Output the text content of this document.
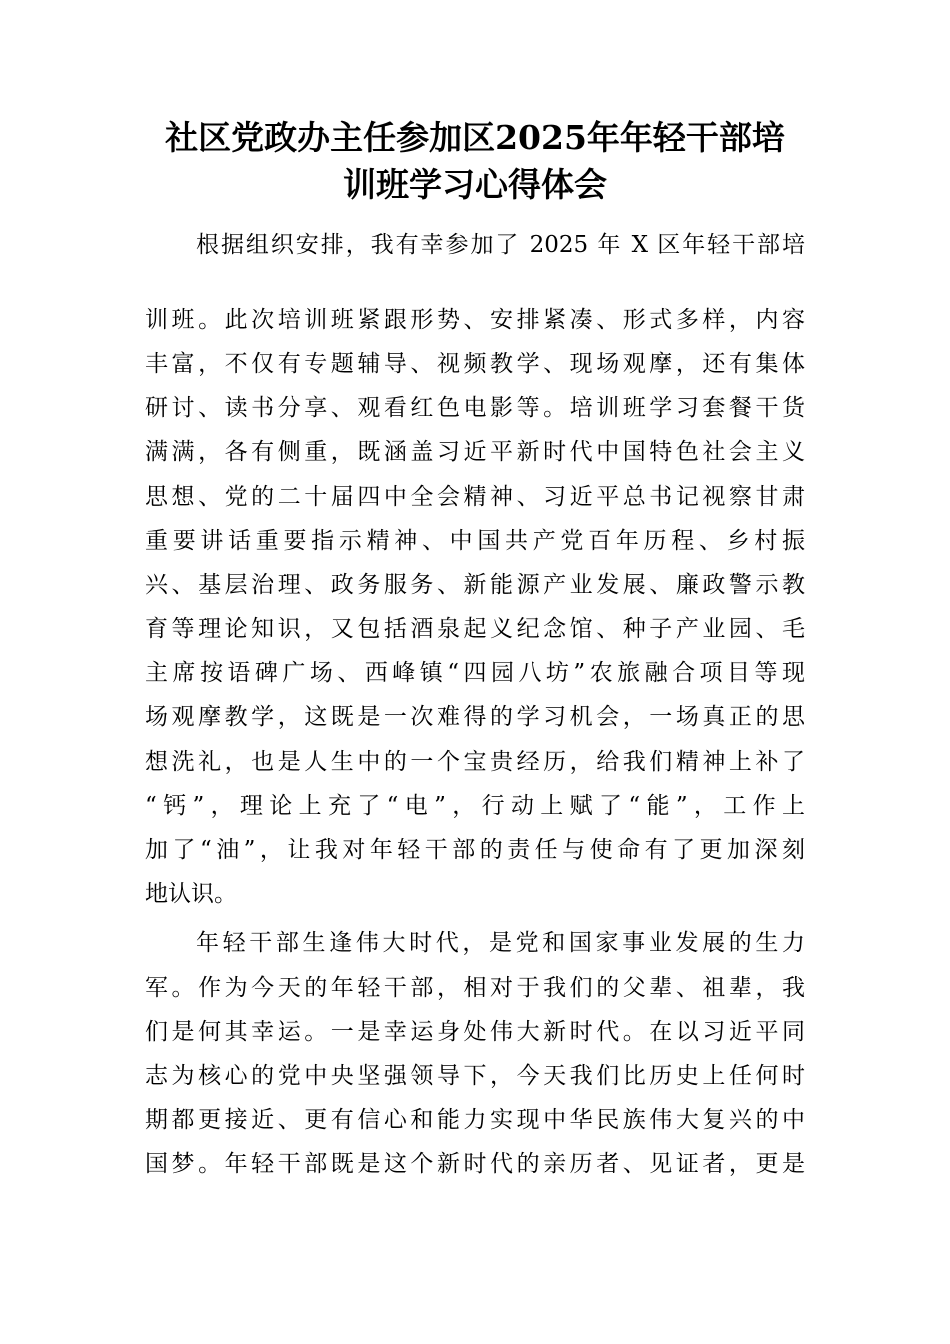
社区党政办主任参加区2025年年轻干部培
训班学习心得体会

根据组织安排，我有幸参加了 2025 年 X 区年轻干部培

训班。此次培训班紧跟形势、安排紧凑、形式多样，内容

丰富，不仅有专题辅导、视频教学、现场观摩，还有集体

研讨、读书分享、观看红色电影等。培训班学习套餐干货

满满，各有侧重，既涵盖习近平新时代中国特色社会主义

思想、党的二十届四中全会精神、习近平总书记视察甘肃

重要讲话重要指示精神、中国共产党百年历程、乡村振

兴、基层治理、政务服务、新能源产业发展、廉政警示教

育等理论知识，又包括酒泉起义纪念馆、种子产业园、毛

主席按语碑广场、西峰镇“四园八坊”农旅融合项目等现

场观摩教学，这既是一次难得的学习机会，一场真正的思

想洗礼，也是人生中的一个宝贵经历，给我们精神上补了

“钙”，理论上充了“电”，行动上赋了“能”，工作上

加了“油”，让我对年轻干部的责任与使命有了更加深刻

地认识。

年轻干部生逢伟大时代，是党和国家事业发展的生力

军。作为今天的年轻干部，相对于我们的父辈、祖辈，我

们是何其幸运。一是幸运身处伟大新时代。在以习近平同

志为核心的党中央坚强领导下，今天我们比历史上任何时

期都更接近、更有信心和能力实现中华民族伟大复兴的中

国梦。年轻干部既是这个新时代的亲历者、见证者，更是
